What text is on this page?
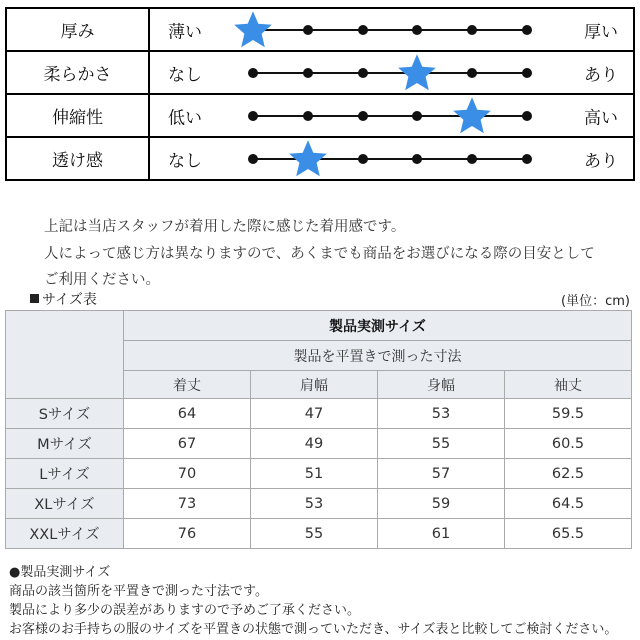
厚み	薄い 厚い

柔らかさ	なし あり

伸縮性	低い 高い

透け感	なし あり

上記は当店スタッフが着用した際に感じた着用感です。

人によって感じ方は異なりますので、あくまでも商品をお選びになる際の目安として

ご利用ください。

サイズ表	(単位：cm)
	製品実測サイズ			
	製品を平置きで測った寸法			
	着丈	肩幅	身幅	袖丈
Sサイズ	64	47	53	59.5
Mサイズ	67	49	55	60.5
Lサイズ	70	51	57	62.5
XLサイズ	73	53	59	64.5
XXLサイズ	76	55	61	65.5

●製品実測サイズ

商品の該当箇所を平置きで測った寸法です。

製品により多少の誤差がありますので予めご了承ください。

お客様のお手持ちの服のサイズを平置きの状態で測っていただき、サイズ表と比較してご検討ください。
